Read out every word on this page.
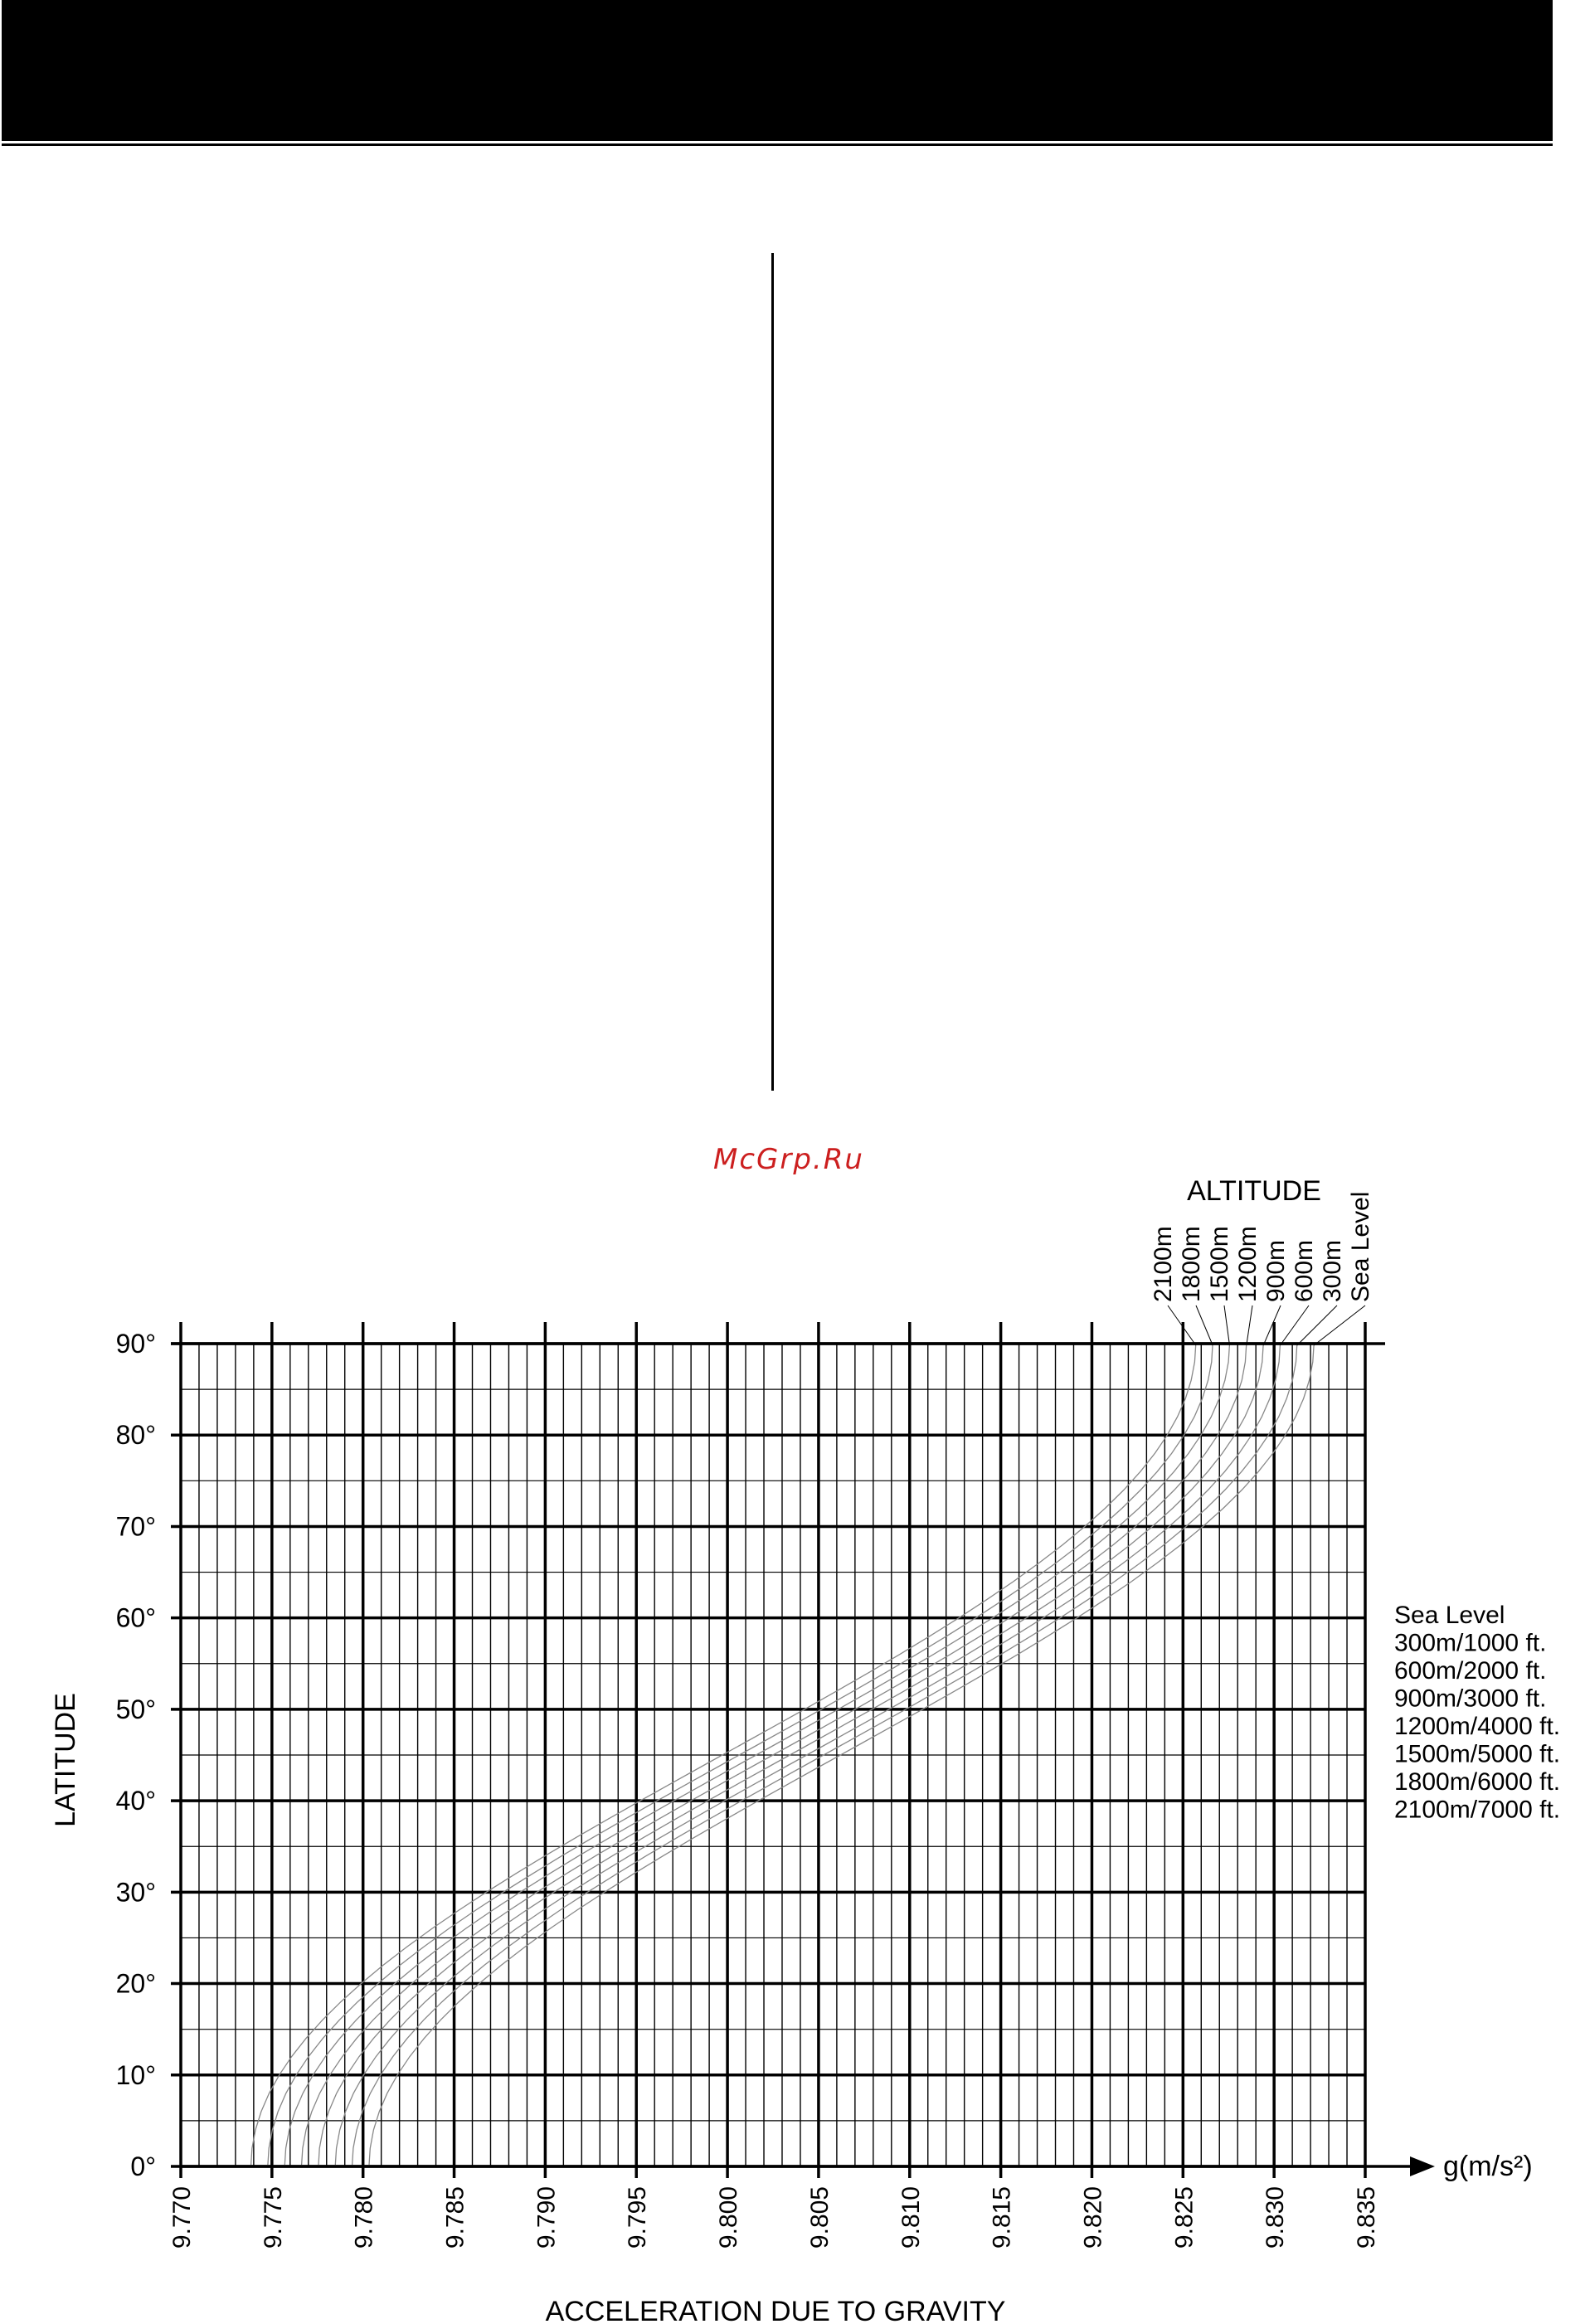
McGrp.Ru
9.770	9.775	9.780	9.785	9.790	9.795	9.800	9.805	9.810	9.815	9.820	9.825	9.830	9.835
0°
10°
20°
30°
40°
50°
60°
70°
80°
90°
Sea Level
300m
600m
900m
1200m
1500m
1800m
2100m
Sea Level
300m/1000 ft.
600m/2000 ft.
900m/3000 ft.
1200m/4000 ft.
1500m/5000 ft.
1800m/6000 ft.
2100m/7000 ft.
LATITUDE
ACCELERATION DUE TO GRAVITY
g(m/s²)
ALTITUDE
